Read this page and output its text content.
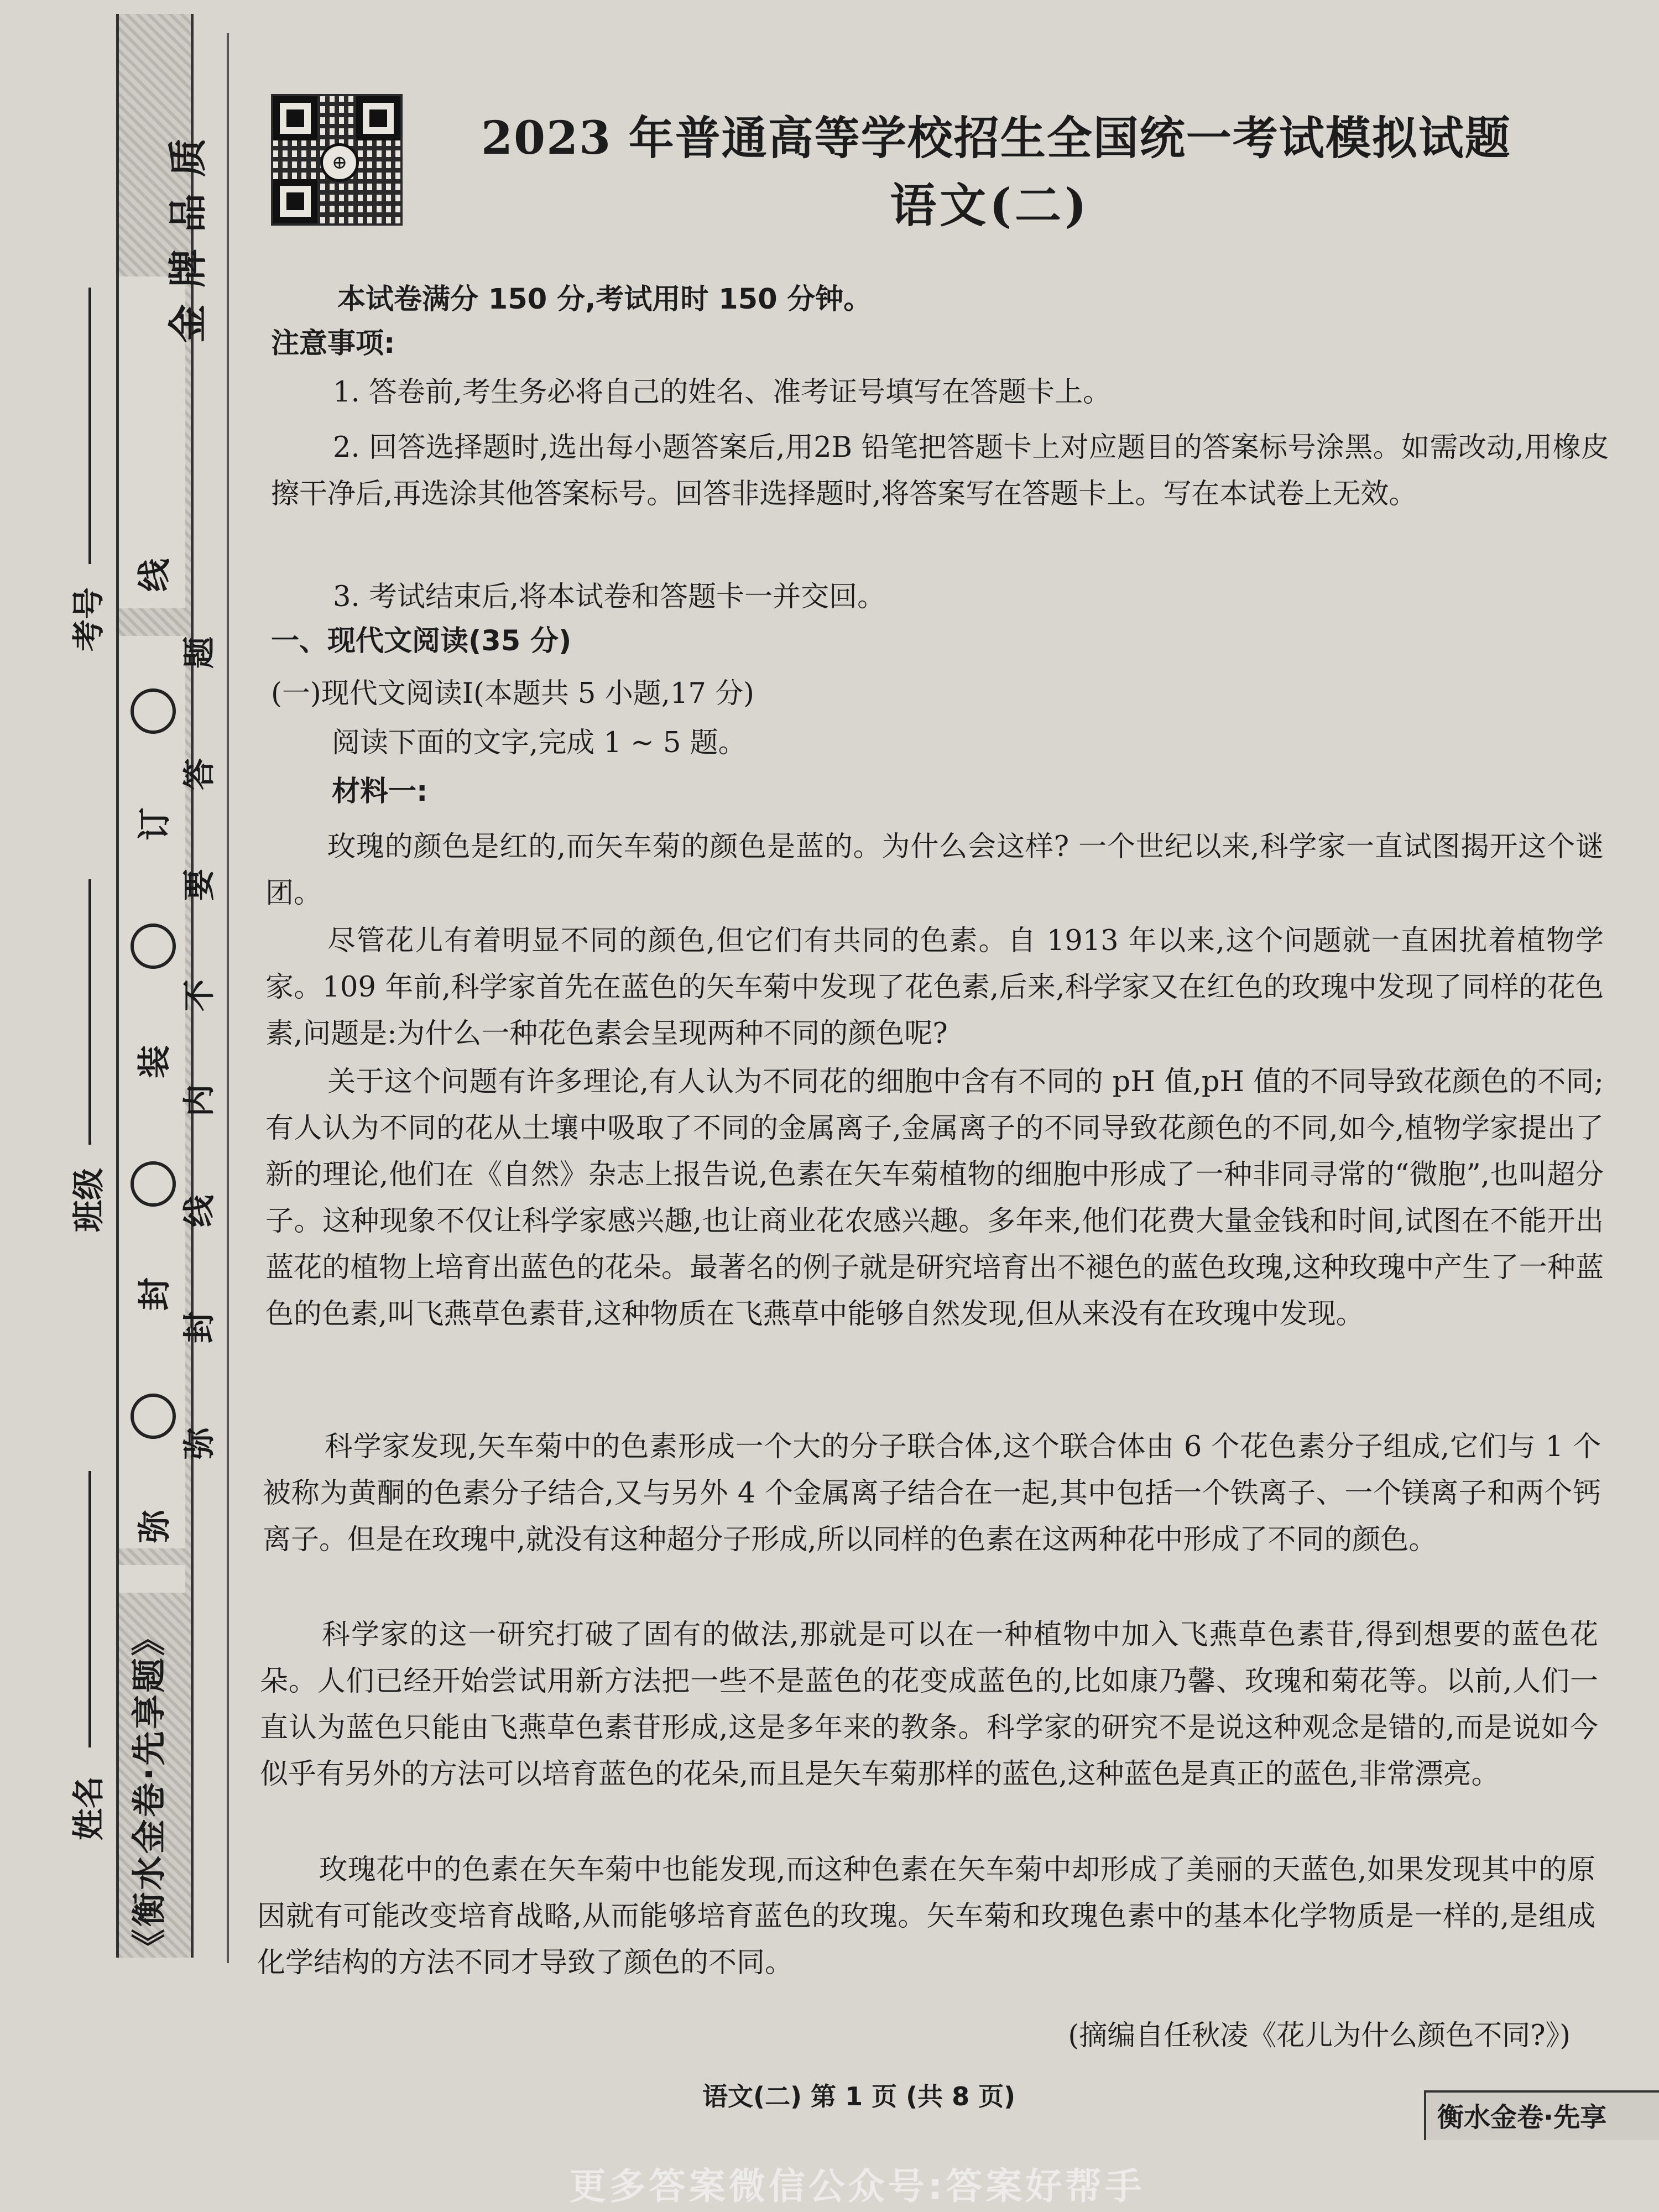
金牌品质
《衡水金卷·先享题》
弥
封
装
订
线
弥
封
线
内
不
要
答
题
考号
班级
姓名
⊕	2023 年普通高等学校招生全国统一考试模拟试题
语文(二)
本试卷满分 150 分,考试用时 150 分钟。
注意事项:
1. 答卷前,考生务必将自己的姓名、准考证号填写在答题卡上。
2. 回答选择题时,选出每小题答案后,用2B 铅笔把答题卡上对应题目的答案标号涂黑。如需改动,用橡皮擦干净后,再选涂其他答案标号。回答非选择题时,将答案写在答题卡上。写在本试卷上无效。
3. 考试结束后,将本试卷和答题卡一并交回。
一、现代文阅读(35 分)
(一)现代文阅读Ⅰ(本题共 5 小题,17 分)
阅读下面的文字,完成 1 ~ 5 题。
材料一:
玫瑰的颜色是红的,而矢车菊的颜色是蓝的。为什么会这样? 一个世纪以来,科学家一直试图揭开这个谜团。
尽管花儿有着明显不同的颜色,但它们有共同的色素。自 1913 年以来,这个问题就一直困扰着植物学家。109 年前,科学家首先在蓝色的矢车菊中发现了花色素,后来,科学家又在红色的玫瑰中发现了同样的花色素,问题是:为什么一种花色素会呈现两种不同的颜色呢?
关于这个问题有许多理论,有人认为不同花的细胞中含有不同的 pH 值,pH 值的不同导致花颜色的不同;有人认为不同的花从土壤中吸取了不同的金属离子,金属离子的不同导致花颜色的不同,如今,植物学家提出了新的理论,他们在《自然》杂志上报告说,色素在矢车菊植物的细胞中形成了一种非同寻常的“微胞”,也叫超分子。这种现象不仅让科学家感兴趣,也让商业花农感兴趣。多年来,他们花费大量金钱和时间,试图在不能开出蓝花的植物上培育出蓝色的花朵。最著名的例子就是研究培育出不褪色的蓝色玫瑰,这种玫瑰中产生了一种蓝色的色素,叫飞燕草色素苷,这种物质在飞燕草中能够自然发现,但从来没有在玫瑰中发现。
科学家发现,矢车菊中的色素形成一个大的分子联合体,这个联合体由 6 个花色素分子组成,它们与 1 个被称为黄酮的色素分子结合,又与另外 4 个金属离子结合在一起,其中包括一个铁离子、一个镁离子和两个钙离子。但是在玫瑰中,就没有这种超分子形成,所以同样的色素在这两种花中形成了不同的颜色。
科学家的这一研究打破了固有的做法,那就是可以在一种植物中加入飞燕草色素苷,得到想要的蓝色花朵。人们已经开始尝试用新方法把一些不是蓝色的花变成蓝色的,比如康乃馨、玫瑰和菊花等。以前,人们一直认为蓝色只能由飞燕草色素苷形成,这是多年来的教条。科学家的研究不是说这种观念是错的,而是说如今似乎有另外的方法可以培育蓝色的花朵,而且是矢车菊那样的蓝色,这种蓝色是真正的蓝色,非常漂亮。
玫瑰花中的色素在矢车菊中也能发现,而这种色素在矢车菊中却形成了美丽的天蓝色,如果发现其中的原因就有可能改变培育战略,从而能够培育蓝色的玫瑰。矢车菊和玫瑰色素中的基本化学物质是一样的,是组成化学结构的方法不同才导致了颜色的不同。
(摘编自任秋凌《花儿为什么颜色不同?》)
语文(二) 第 1 页 (共 8 页)
衡水金卷·先享
更多答案微信公众号:答案好帮手
